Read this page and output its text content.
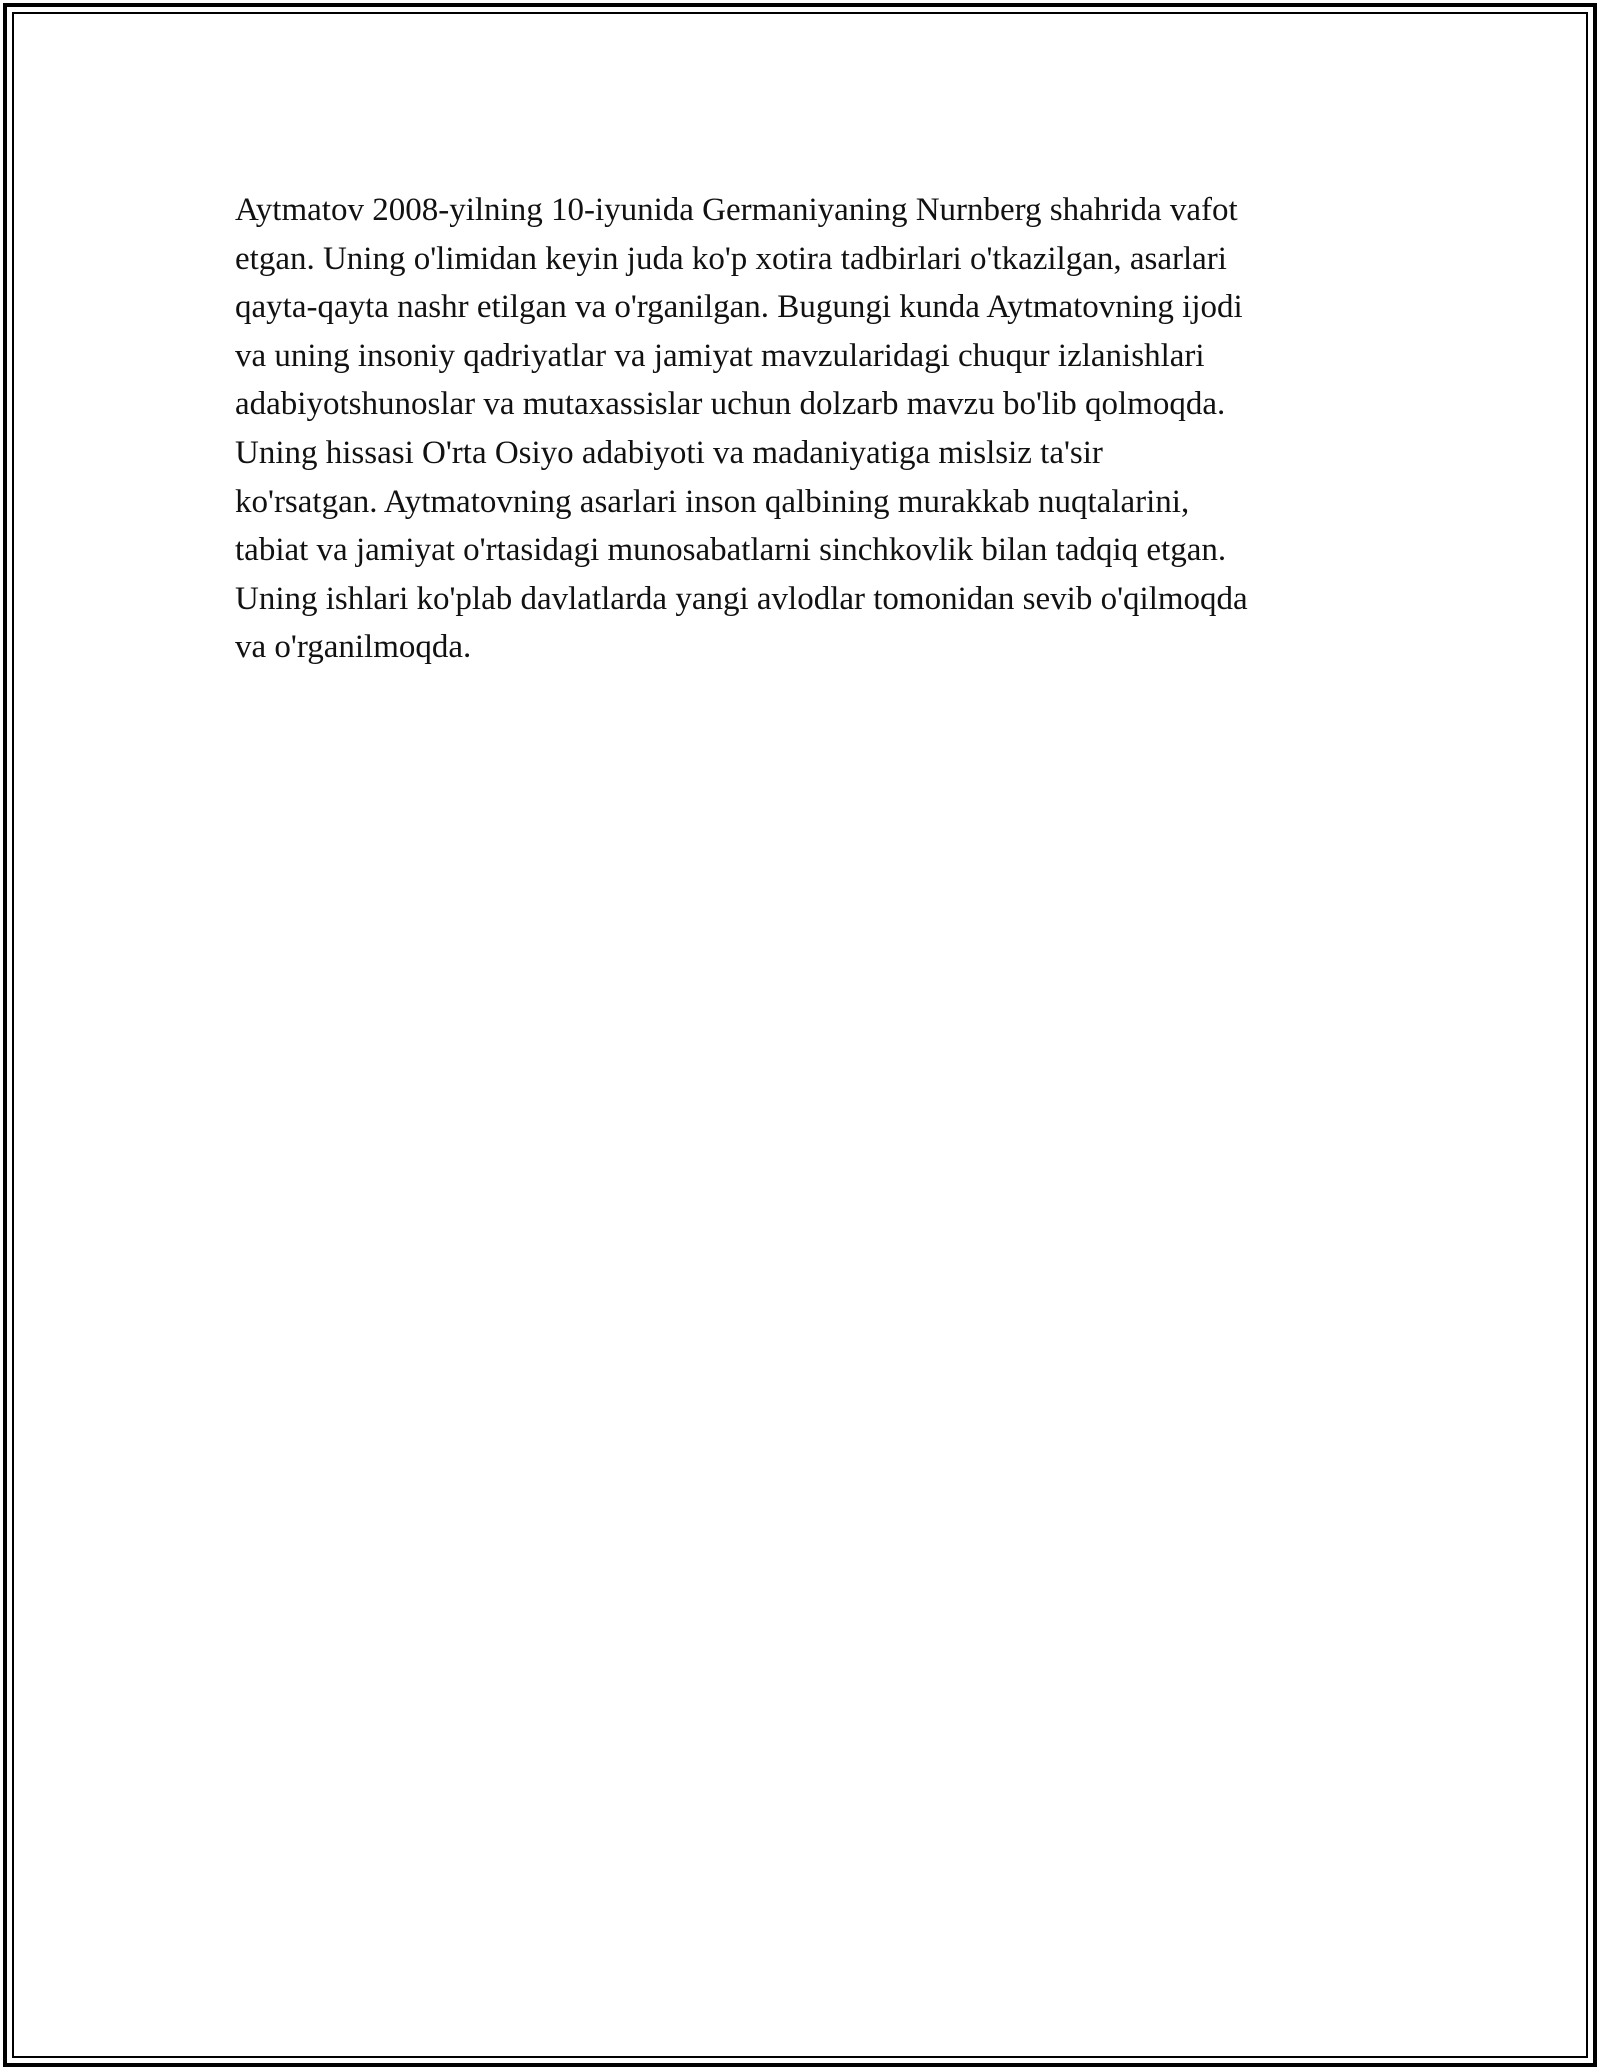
Aytmatov 2008-yilning 10-iyunida Germaniyaning Nurnberg shahrida vafot
etgan. Uning o'limidan keyin juda ko'p xotira tadbirlari o'tkazilgan, asarlari
qayta-qayta nashr etilgan va o'rganilgan. Bugungi kunda Aytmatovning ijodi
va uning insoniy qadriyatlar va jamiyat mavzularidagi chuqur izlanishlari
adabiyotshunoslar va mutaxassislar uchun dolzarb mavzu bo'lib qolmoqda.
Uning hissasi O'rta Osiyo adabiyoti va madaniyatiga mislsiz ta'sir
ko'rsatgan. Aytmatovning asarlari inson qalbining murakkab nuqtalarini,
tabiat va jamiyat o'rtasidagi munosabatlarni sinchkovlik bilan tadqiq etgan.
Uning ishlari ko'plab davlatlarda yangi avlodlar tomonidan sevib o'qilmoqda
va o'rganilmoqda.
